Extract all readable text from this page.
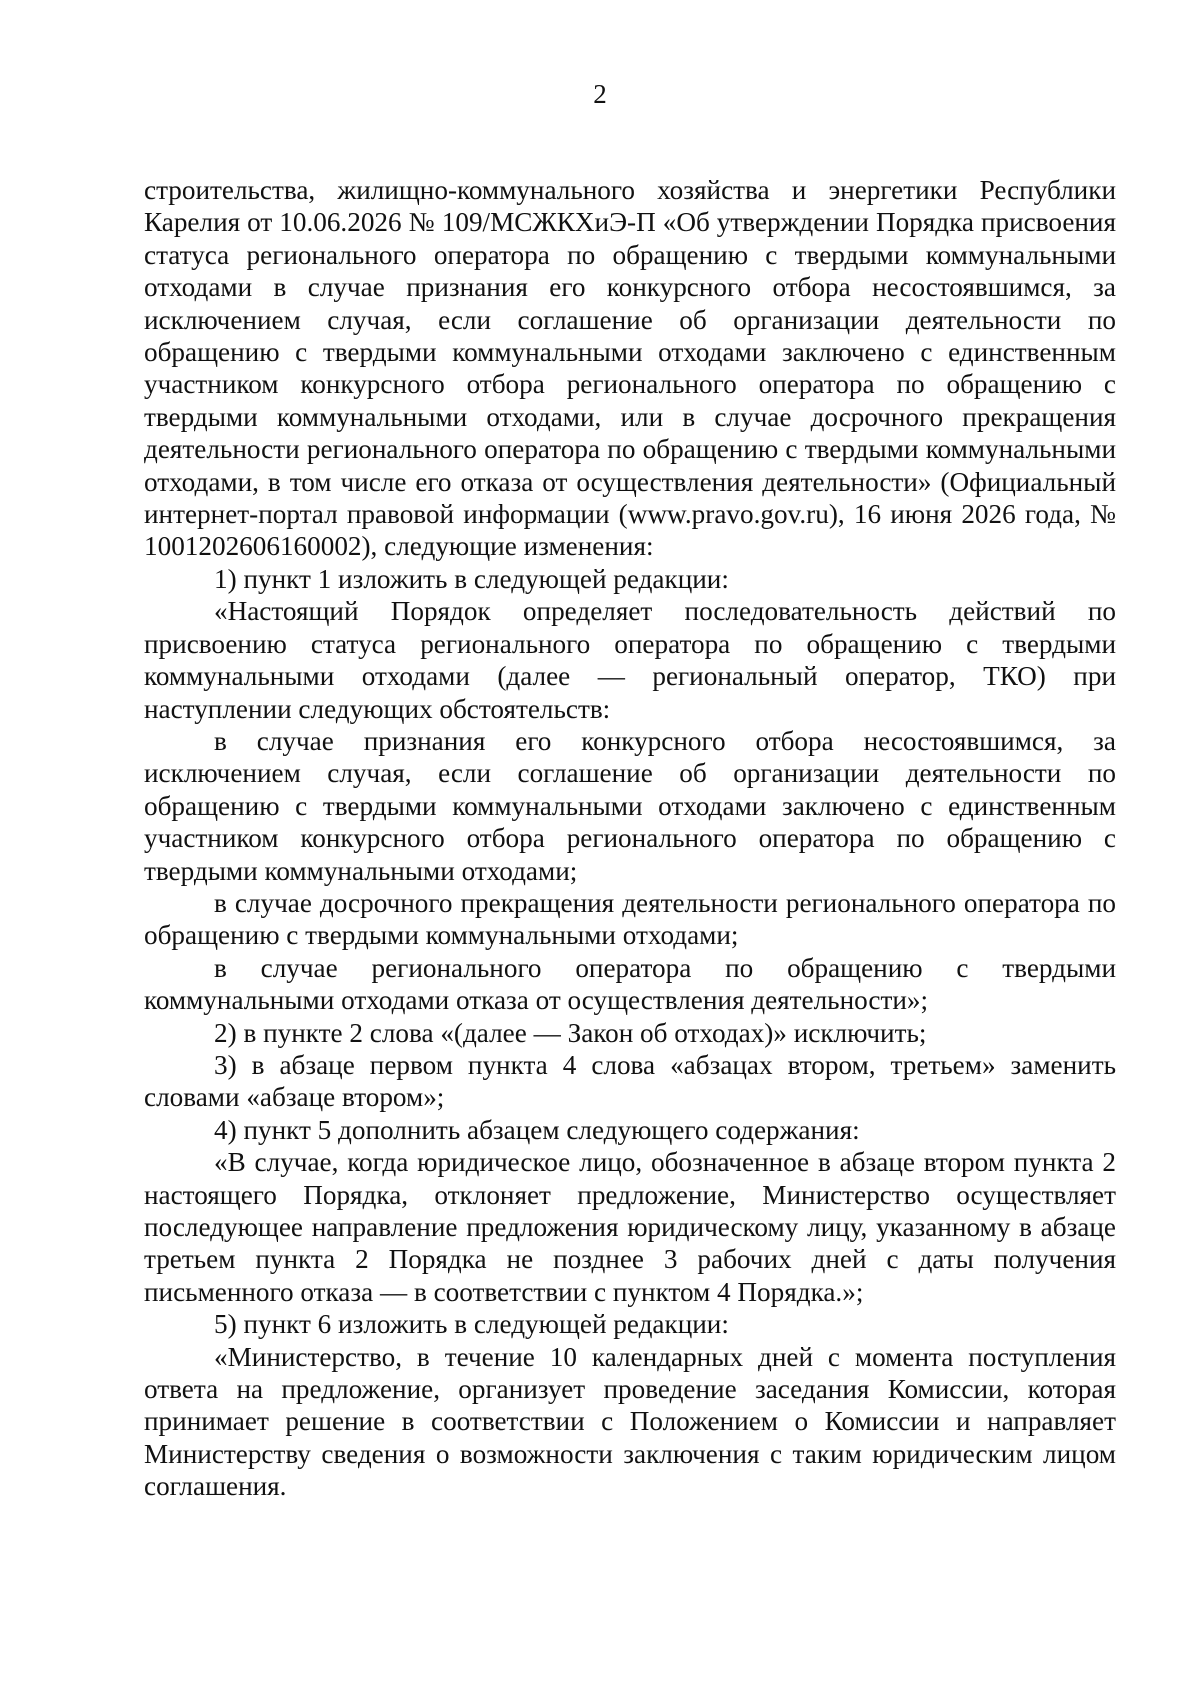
2

строительства, жилищно-коммунального хозяйства и энергетики Республики Карелия от 10.06.2026 № 109/МСЖКХиЭ-П «Об утверждении Порядка присвоения статуса регионального оператора по обращению с твердыми коммунальными отходами в случае признания его конкурсного отбора несостоявшимся, за исключением случая, если соглашение об организации деятельности по обращению с твердыми коммунальными отходами заключено с единственным участником конкурсного отбора регионального оператора по обращению с твердыми коммунальными отходами, или в случае досрочного прекращения деятельности регионального оператора по обращению с твердыми коммунальными отходами, в том числе его отказа от осуществления деятельности» (Официальный интернет-портал правовой информации (www.pravo.gov.ru), 16 июня 2026 года, № 1001202606160002), следующие изменения:

1) пункт 1 изложить в следующей редакции:

«Настоящий Порядок определяет последовательность действий по присвоению статуса регионального оператора по обращению с твердыми коммунальными отходами (далее — региональный оператор, ТКО) при наступлении следующих обстоятельств:

в случае признания его конкурсного отбора несостоявшимся, за исключением случая, если соглашение об организации деятельности по обращению с твердыми коммунальными отходами заключено с единственным участником конкурсного отбора регионального оператора по обращению с твердыми коммунальными отходами;

в случае досрочного прекращения деятельности регионального оператора по обращению с твердыми коммунальными отходами;

в случае регионального оператора по обращению с твердыми коммунальными отходами отказа от осуществления деятельности»;

2) в пункте 2 слова «(далее — Закон об отходах)» исключить;

3) в абзаце первом пункта 4 слова «абзацах втором, третьем» заменить словами «абзаце втором»;

4) пункт 5 дополнить абзацем следующего содержания:

«В случае, когда юридическое лицо, обозначенное в абзаце втором пункта 2 настоящего Порядка, отклоняет предложение, Министерство осуществляет последующее направление предложения юридическому лицу, указанному в абзаце третьем пункта 2 Порядка не позднее 3 рабочих дней с даты получения письменного отказа — в соответствии с пунктом 4 Порядка.»;

5) пункт 6 изложить в следующей редакции:

«Министерство, в течение 10 календарных дней с момента поступления ответа на предложение, организует проведение заседания Комиссии, которая принимает решение в соответствии с Положением о Комиссии и направляет Министерству сведения о возможности заключения с таким юридическим лицом соглашения.
